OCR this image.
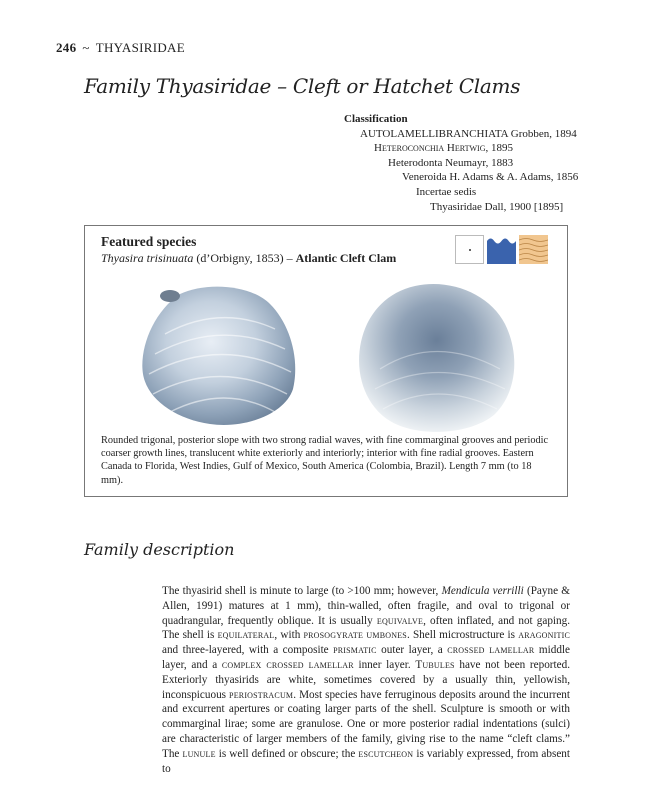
246 ~ THYASIRIDAE
Family Thyasiridae – Cleft or Hatchet Clams
Classification
AUTOLAMELLIBRANCHIATA Grobben, 1894
Heteroconchia Hertwig, 1895
Heterodonta Neumayr, 1883
Veneroida H. Adams & A. Adams, 1856
Incertae sedis
Thyasiridae Dall, 1900 [1895]
Featured species
Thyasira trisinuata (d’Orbigny, 1853) – Atlantic Cleft Clam
Rounded trigonal, posterior slope with two strong radial waves, with fine commarginal grooves and periodic coarser growth lines, translucent white exteriorly and interiorly; interior with fine radial grooves. Eastern Canada to Florida, West Indies, Gulf of Mexico, South America (Colombia, Brazil). Length 7 mm (to 18 mm).
Family description

The thyasirid shell is minute to large (to >100 mm; however, Mendicula verrilli (Payne & Allen, 1991) matures at 1 mm), thin-walled, often fragile, and oval to trigonal or quadrangular, frequently oblique. It is usually equivalve, often inflated, and not gaping. The shell is equilateral, with prosogyrate umbones. Shell microstructure is aragonitic and three-layered, with a composite prismatic outer layer, a crossed lamellar middle layer, and a complex crossed lamellar inner layer. Tubules have not been reported. Exteriorly thyasirids are white, sometimes covered by a usually thin, yellowish, inconspicuous periostracum. Most species have ferruginous deposits around the incurrent and excurrent apertures or coating larger parts of the shell. Sculpture is smooth or with commarginal lirae; some are granulose. One or more posterior radial indentations (sulci) are characteristic of larger members of the family, giving rise to the name “cleft clams.” The lunule is well defined or obscure; the escutcheon is variably expressed, from absent to
